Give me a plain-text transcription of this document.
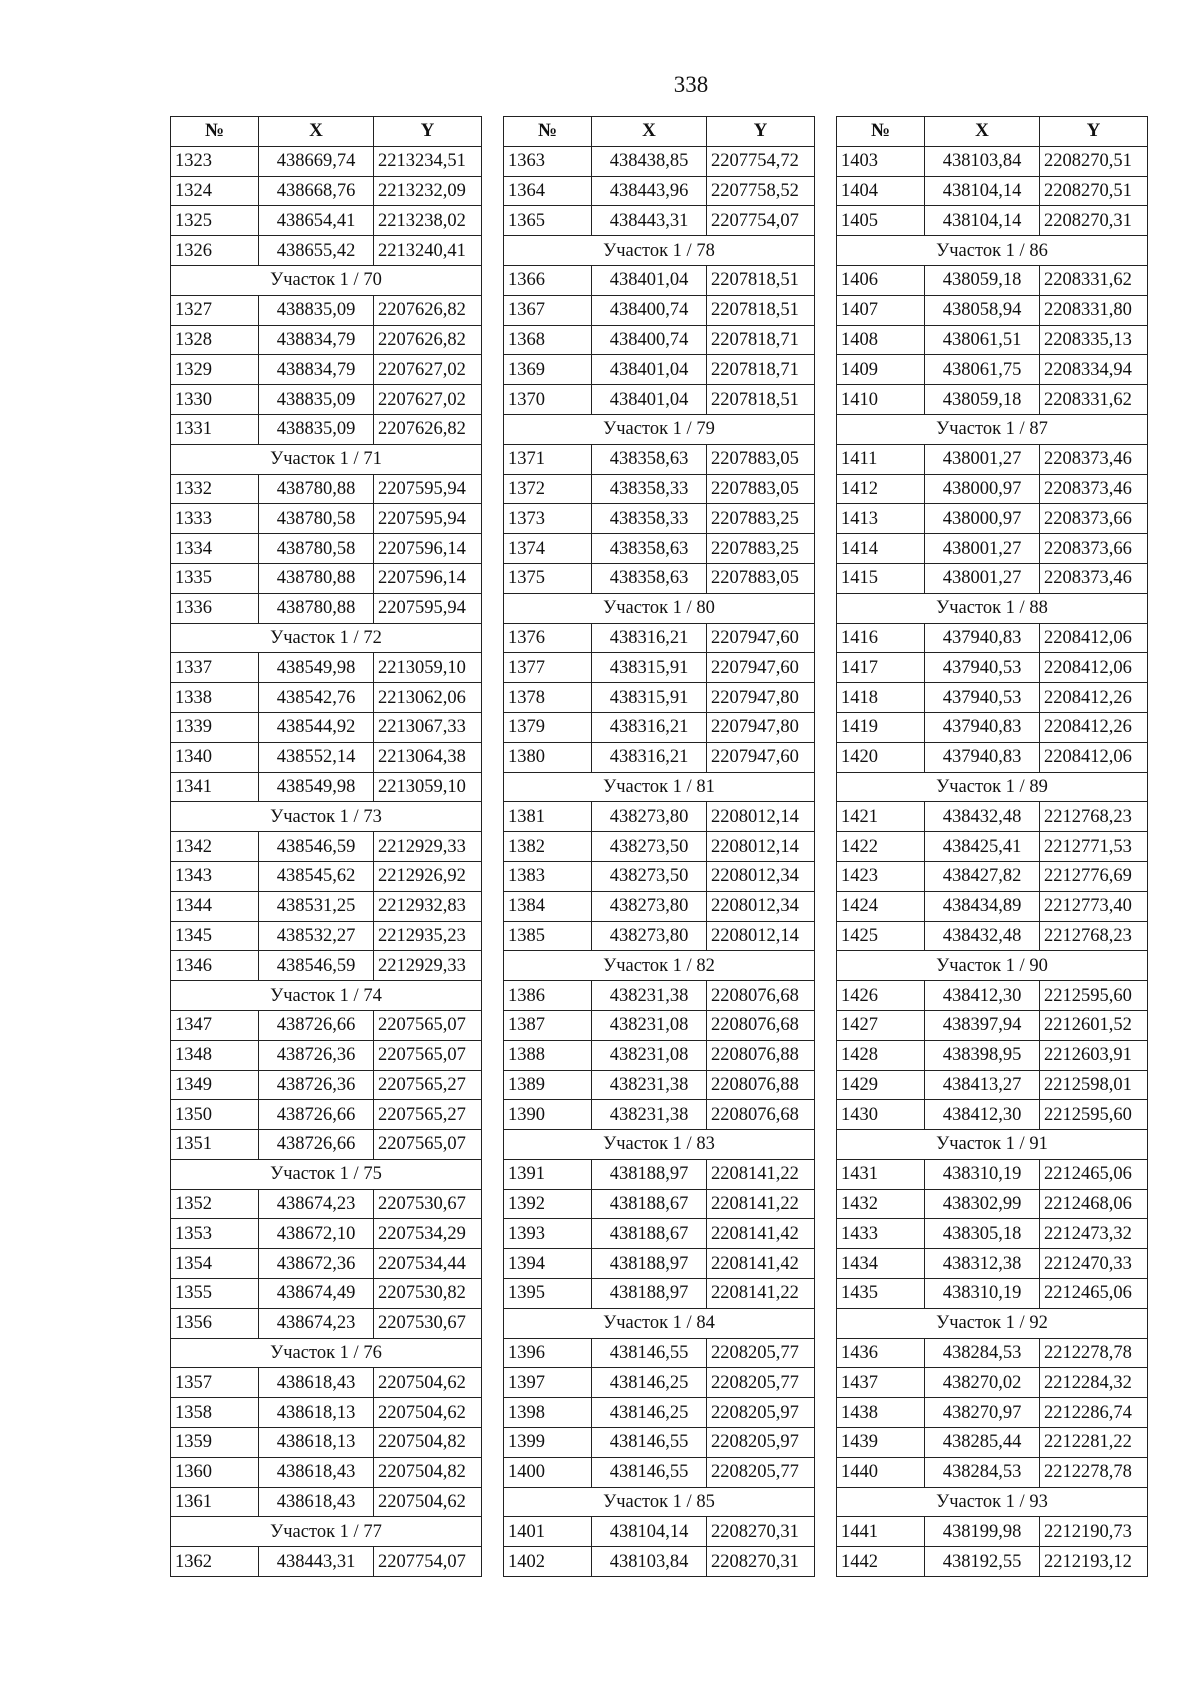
338
№	X	Y
1323	438669,74	2213234,51
1324	438668,76	2213232,09
1325	438654,41	2213238,02
1326	438655,42	2213240,41
Участок 1 / 70		
1327	438835,09	2207626,82
1328	438834,79	2207626,82
1329	438834,79	2207627,02
1330	438835,09	2207627,02
1331	438835,09	2207626,82
Участок 1 / 71		
1332	438780,88	2207595,94
1333	438780,58	2207595,94
1334	438780,58	2207596,14
1335	438780,88	2207596,14
1336	438780,88	2207595,94
Участок 1 / 72		
1337	438549,98	2213059,10
1338	438542,76	2213062,06
1339	438544,92	2213067,33
1340	438552,14	2213064,38
1341	438549,98	2213059,10
Участок 1 / 73		
1342	438546,59	2212929,33
1343	438545,62	2212926,92
1344	438531,25	2212932,83
1345	438532,27	2212935,23
1346	438546,59	2212929,33
Участок 1 / 74		
1347	438726,66	2207565,07
1348	438726,36	2207565,07
1349	438726,36	2207565,27
1350	438726,66	2207565,27
1351	438726,66	2207565,07
Участок 1 / 75		
1352	438674,23	2207530,67
1353	438672,10	2207534,29
1354	438672,36	2207534,44
1355	438674,49	2207530,82
1356	438674,23	2207530,67
Участок 1 / 76		
1357	438618,43	2207504,62
1358	438618,13	2207504,62
1359	438618,13	2207504,82
1360	438618,43	2207504,82
1361	438618,43	2207504,62
Участок 1 / 77		
1362	438443,31	2207754,07
№	X	Y
1363	438438,85	2207754,72
1364	438443,96	2207758,52
1365	438443,31	2207754,07
Участок 1 / 78		
1366	438401,04	2207818,51
1367	438400,74	2207818,51
1368	438400,74	2207818,71
1369	438401,04	2207818,71
1370	438401,04	2207818,51
Участок 1 / 79		
1371	438358,63	2207883,05
1372	438358,33	2207883,05
1373	438358,33	2207883,25
1374	438358,63	2207883,25
1375	438358,63	2207883,05
Участок 1 / 80		
1376	438316,21	2207947,60
1377	438315,91	2207947,60
1378	438315,91	2207947,80
1379	438316,21	2207947,80
1380	438316,21	2207947,60
Участок 1 / 81		
1381	438273,80	2208012,14
1382	438273,50	2208012,14
1383	438273,50	2208012,34
1384	438273,80	2208012,34
1385	438273,80	2208012,14
Участок 1 / 82		
1386	438231,38	2208076,68
1387	438231,08	2208076,68
1388	438231,08	2208076,88
1389	438231,38	2208076,88
1390	438231,38	2208076,68
Участок 1 / 83		
1391	438188,97	2208141,22
1392	438188,67	2208141,22
1393	438188,67	2208141,42
1394	438188,97	2208141,42
1395	438188,97	2208141,22
Участок 1 / 84		
1396	438146,55	2208205,77
1397	438146,25	2208205,77
1398	438146,25	2208205,97
1399	438146,55	2208205,97
1400	438146,55	2208205,77
Участок 1 / 85		
1401	438104,14	2208270,31
1402	438103,84	2208270,31
№	X	Y
1403	438103,84	2208270,51
1404	438104,14	2208270,51
1405	438104,14	2208270,31
Участок 1 / 86		
1406	438059,18	2208331,62
1407	438058,94	2208331,80
1408	438061,51	2208335,13
1409	438061,75	2208334,94
1410	438059,18	2208331,62
Участок 1 / 87		
1411	438001,27	2208373,46
1412	438000,97	2208373,46
1413	438000,97	2208373,66
1414	438001,27	2208373,66
1415	438001,27	2208373,46
Участок 1 / 88		
1416	437940,83	2208412,06
1417	437940,53	2208412,06
1418	437940,53	2208412,26
1419	437940,83	2208412,26
1420	437940,83	2208412,06
Участок 1 / 89		
1421	438432,48	2212768,23
1422	438425,41	2212771,53
1423	438427,82	2212776,69
1424	438434,89	2212773,40
1425	438432,48	2212768,23
Участок 1 / 90		
1426	438412,30	2212595,60
1427	438397,94	2212601,52
1428	438398,95	2212603,91
1429	438413,27	2212598,01
1430	438412,30	2212595,60
Участок 1 / 91		
1431	438310,19	2212465,06
1432	438302,99	2212468,06
1433	438305,18	2212473,32
1434	438312,38	2212470,33
1435	438310,19	2212465,06
Участок 1 / 92		
1436	438284,53	2212278,78
1437	438270,02	2212284,32
1438	438270,97	2212286,74
1439	438285,44	2212281,22
1440	438284,53	2212278,78
Участок 1 / 93		
1441	438199,98	2212190,73
1442	438192,55	2212193,12
